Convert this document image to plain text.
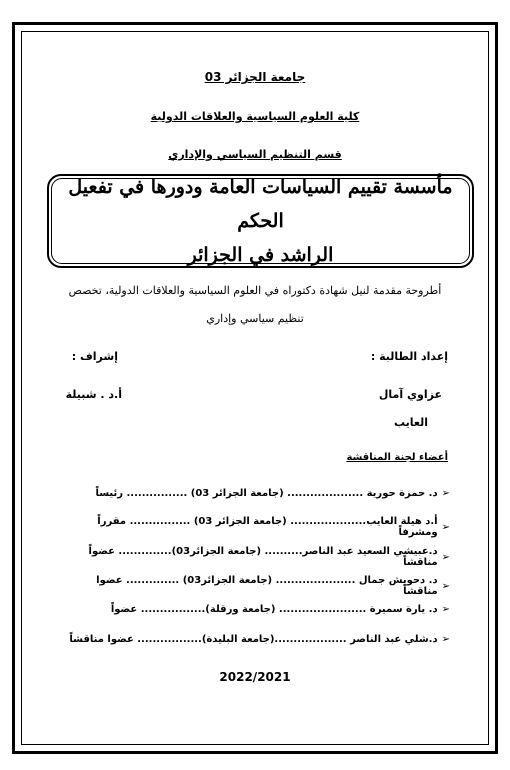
جامعة الجزائر 03
كلية العلوم السياسية والعلاقات الدولية
قسم التنظيم السياسي والإداري
مأسسة تقييم السياسات العامة ودورها في تفعيل الحكم
الراشد في الجزائر
أطروحة مقدمة لنيل شهادة دكتوراه في العلوم السياسية والعلاقات الدولية، تخصص
تنظيم سياسي وإداري
إعداد الطالبة :
إشراف :
عزاوي آمال
أ.د . شبيلة
العايب
أعضاء لجنة المناقشة
➢
د. حمزة حورية .................... (جامعة الجزائر 03) ................ رئيساً
➢
أ.د هيلة العايب.................... (جامعة الجزائر 03) ................ مقرراً ومشرفاً
➢
د.عبيشي السعيد عبد الناصر.......... (جامعة الجزائر03).............. عضواً مناقشاً
➢
د. دحويش جمال ..................... (جامعة الجزائر03) .............. عضوا مناقشاً
➢
د. يارة سميرة ....................... (جامعة ورقلة)................. عضواً
➢
د.شلي عبد الناصر ...................(جامعة البليدة)................. عضوا مناقشاً
2022/2021
